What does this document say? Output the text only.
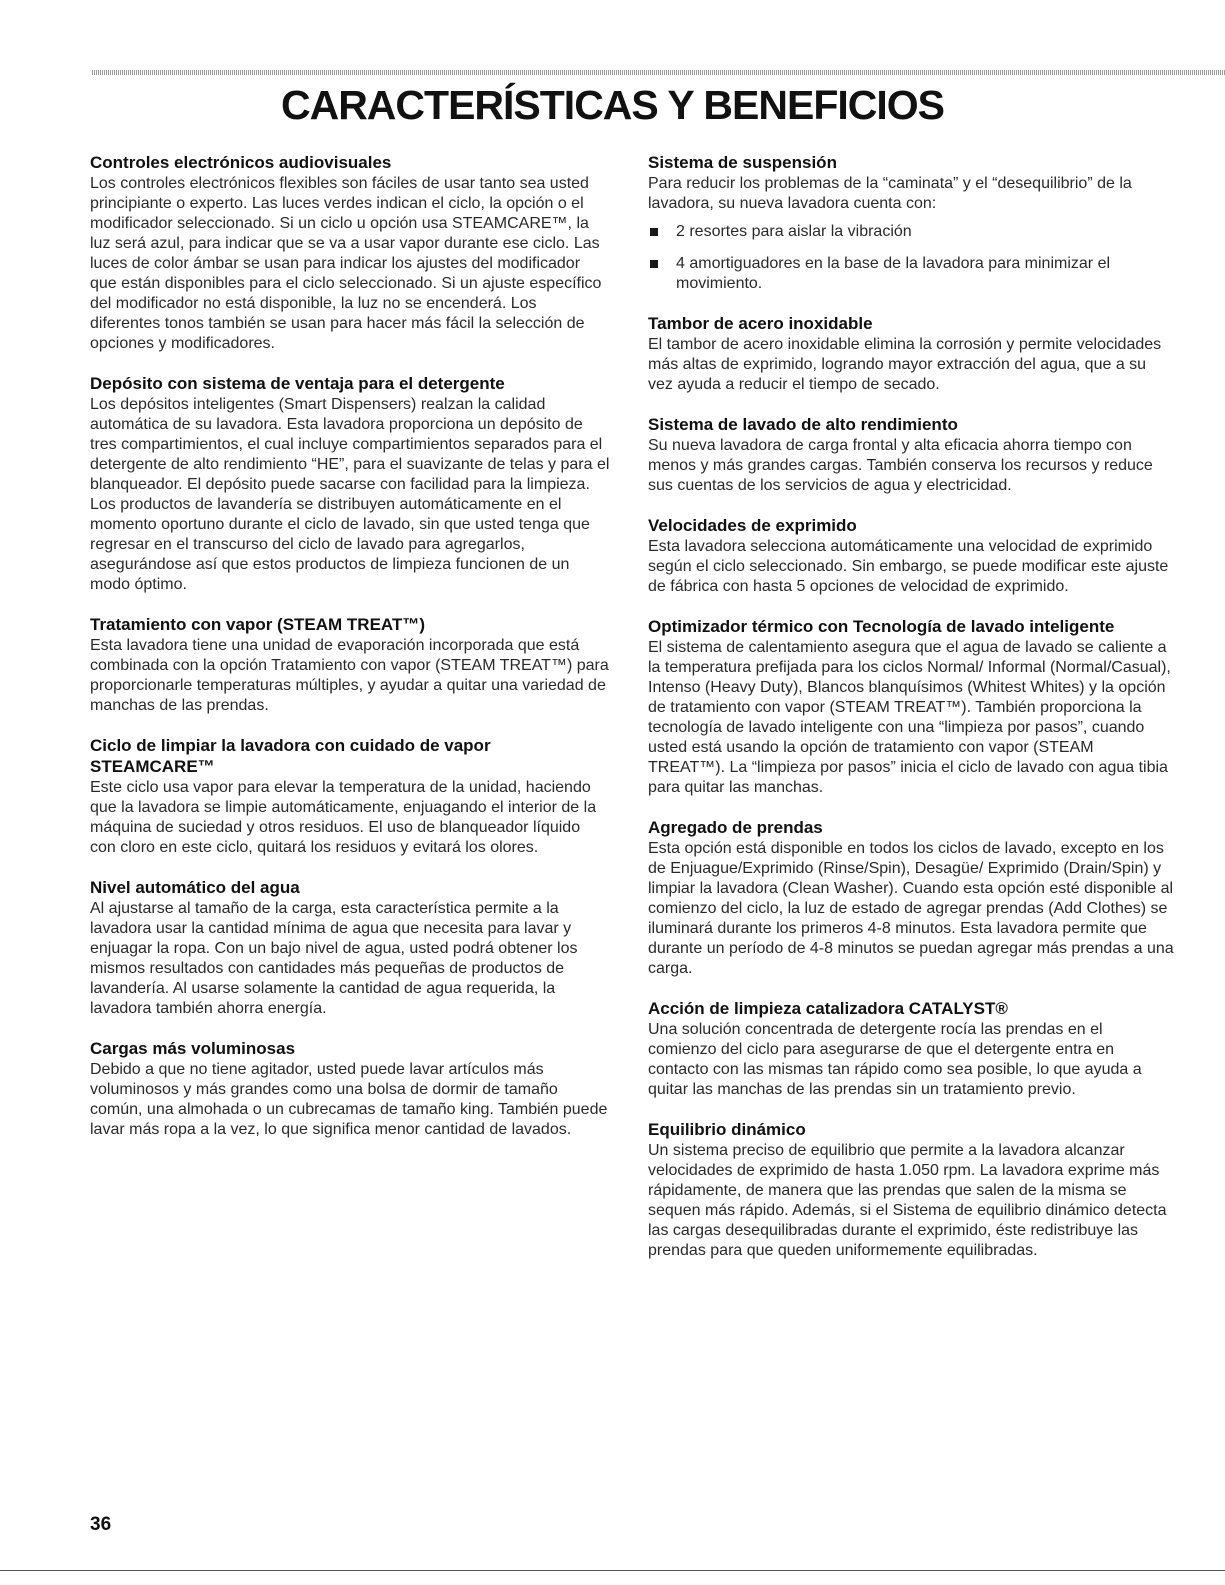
CARACTERÍSTICAS Y BENEFICIOS
Controles electrónicos audiovisuales

Los controles electrónicos flexibles son fáciles de usar tanto sea usted principiante o experto. Las luces verdes indican el ciclo, la opción o el modificador seleccionado. Si un ciclo u opción usa STEAMCARE™, la luz será azul, para indicar que se va a usar vapor durante ese ciclo. Las luces de color ámbar se usan para indicar los ajustes del modificador que están disponibles para el ciclo seleccionado. Si un ajuste específico del modificador no está disponible, la luz no se encenderá. Los diferentes tonos también se usan para hacer más fácil la selección de opciones y modificadores.

Depósito con sistema de ventaja para el detergente

Los depósitos inteligentes (Smart Dispensers) realzan la calidad automática de su lavadora. Esta lavadora proporciona un depósito de tres compartimientos, el cual incluye compartimientos separados para el detergente de alto rendimiento “HE”, para el suavizante de telas y para el blanqueador. El depósito puede sacarse con facilidad para la limpieza. Los productos de lavandería se distribuyen automáticamente en el momento oportuno durante el ciclo de lavado, sin que usted tenga que regresar en el transcurso del ciclo de lavado para agregarlos, asegurándose así que estos productos de limpieza funcionen de un modo óptimo.

Tratamiento con vapor (STEAM TREAT™)

Esta lavadora tiene una unidad de evaporación incorporada que está combinada con la opción Tratamiento con vapor (STEAM TREAT™) para proporcionarle temperaturas múltiples, y ayudar a quitar una variedad de manchas de las prendas.

Ciclo de limpiar la lavadora con cuidado de vapor STEAMCARE™

Este ciclo usa vapor para elevar la temperatura de la unidad, haciendo que la lavadora se limpie automáticamente, enjuagando el interior de la máquina de suciedad y otros residuos. El uso de blanqueador líquido con cloro en este ciclo, quitará los residuos y evitará los olores.

Nivel automático del agua

Al ajustarse al tamaño de la carga, esta característica permite a la lavadora usar la cantidad mínima de agua que necesita para lavar y enjuagar la ropa. Con un bajo nivel de agua, usted podrá obtener los mismos resultados con cantidades más pequeñas de productos de lavandería. Al usarse solamente la cantidad de agua requerida, la lavadora también ahorra energía.

Cargas más voluminosas

Debido a que no tiene agitador, usted puede lavar artículos más voluminosos y más grandes como una bolsa de dormir de tamaño común, una almohada o un cubrecamas de tamaño king. También puede lavar más ropa a la vez, lo que significa menor cantidad de lavados.

Sistema de suspensión

Para reducir los problemas de la “caminata” y el “desequilibrio” de la lavadora, su nueva lavadora cuenta con:

2 resortes para aislar la vibración
4 amortiguadores en la base de la lavadora para minimizar el movimiento.
Tambor de acero inoxidable

El tambor de acero inoxidable elimina la corrosión y permite velocidades más altas de exprimido, logrando mayor extracción del agua, que a su vez ayuda a reducir el tiempo de secado.

Sistema de lavado de alto rendimiento

Su nueva lavadora de carga frontal y alta eficacia ahorra tiempo con menos y más grandes cargas. También conserva los recursos y reduce sus cuentas de los servicios de agua y electricidad.

Velocidades de exprimido

Esta lavadora selecciona automáticamente una velocidad de exprimido según el ciclo seleccionado. Sin embargo, se puede modificar este ajuste de fábrica con hasta 5 opciones de velocidad de exprimido.

Optimizador térmico con Tecnología de lavado inteligente

El sistema de calentamiento asegura que el agua de lavado se caliente a la temperatura prefijada para los ciclos Normal/ Informal (Normal/Casual), Intenso (Heavy Duty), Blancos blanquísimos (Whitest Whites) y la opción de tratamiento con vapor (STEAM TREAT™). También proporciona la tecnología de lavado inteligente con una “limpieza por pasos”, cuando usted está usando la opción de tratamiento con vapor (STEAM TREAT™). La “limpieza por pasos” inicia el ciclo de lavado con agua tibia para quitar las manchas.

Agregado de prendas

Esta opción está disponible en todos los ciclos de lavado, excepto en los de Enjuague/Exprimido (Rinse/Spin), Desagüe/ Exprimido (Drain/Spin) y limpiar la lavadora (Clean Washer). Cuando esta opción esté disponible al comienzo del ciclo, la luz de estado de agregar prendas (Add Clothes) se iluminará durante los primeros 4-8 minutos. Esta lavadora permite que durante un período de 4-8 minutos se puedan agregar más prendas a una carga.

Acción de limpieza catalizadora CATALYST®

Una solución concentrada de detergente rocía las prendas en el comienzo del ciclo para asegurarse de que el detergente entra en contacto con las mismas tan rápido como sea posible, lo que ayuda a quitar las manchas de las prendas sin un tratamiento previo.

Equilibrio dinámico

Un sistema preciso de equilibrio que permite a la lavadora alcanzar velocidades de exprimido de hasta 1.050 rpm. La lavadora exprime más rápidamente, de manera que las prendas que salen de la misma se sequen más rápido. Además, si el Sistema de equilibrio dinámico detecta las cargas desequilibradas durante el exprimido, éste redistribuye las prendas para que queden uniformemente equilibradas.

36
